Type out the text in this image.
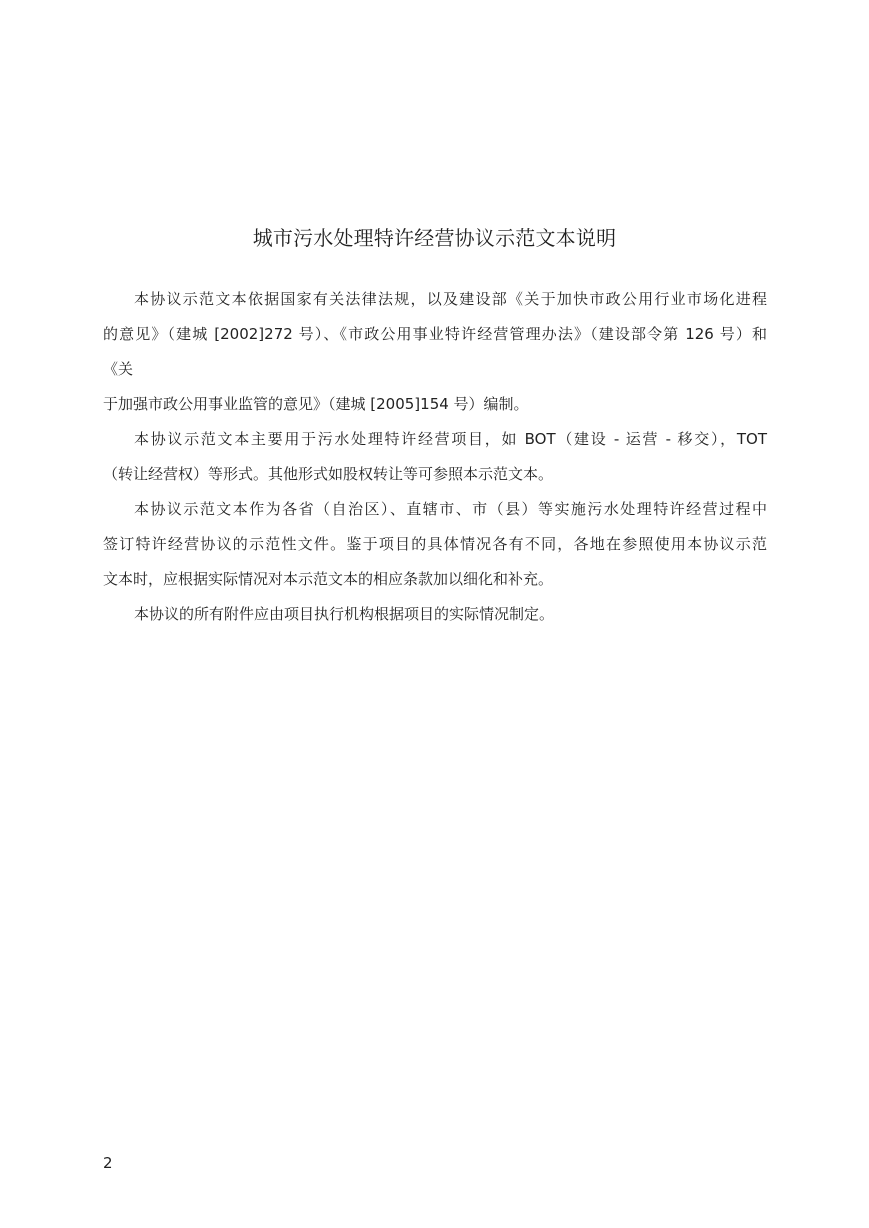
城市污水处理特许经营协议示范文本说明
本协议示范文本依据国家有关法律法规，以及建设部《关于加快市政公用行业市场化进程
的意见》（建城 [2002]272 号）、《市政公用事业特许经营管理办法》（建设部令第 126 号）和
《关
于加强市政公用事业监管的意见》（建城 [2005]154 号）编制。
本协议示范文本主要用于污水处理特许经营项目，如 BOT（建设 - 运营 - 移交），TOT
（转让经营权）等形式。其他形式如股权转让等可参照本示范文本。
本协议示范文本作为各省（自治区）、直辖市、市（县）等实施污水处理特许经营过程中
签订特许经营协议的示范性文件。鉴于项目的具体情况各有不同，各地在参照使用本协议示范
文本时，应根据实际情况对本示范文本的相应条款加以细化和补充。
本协议的所有附件应由项目执行机构根据项目的实际情况制定。
2
